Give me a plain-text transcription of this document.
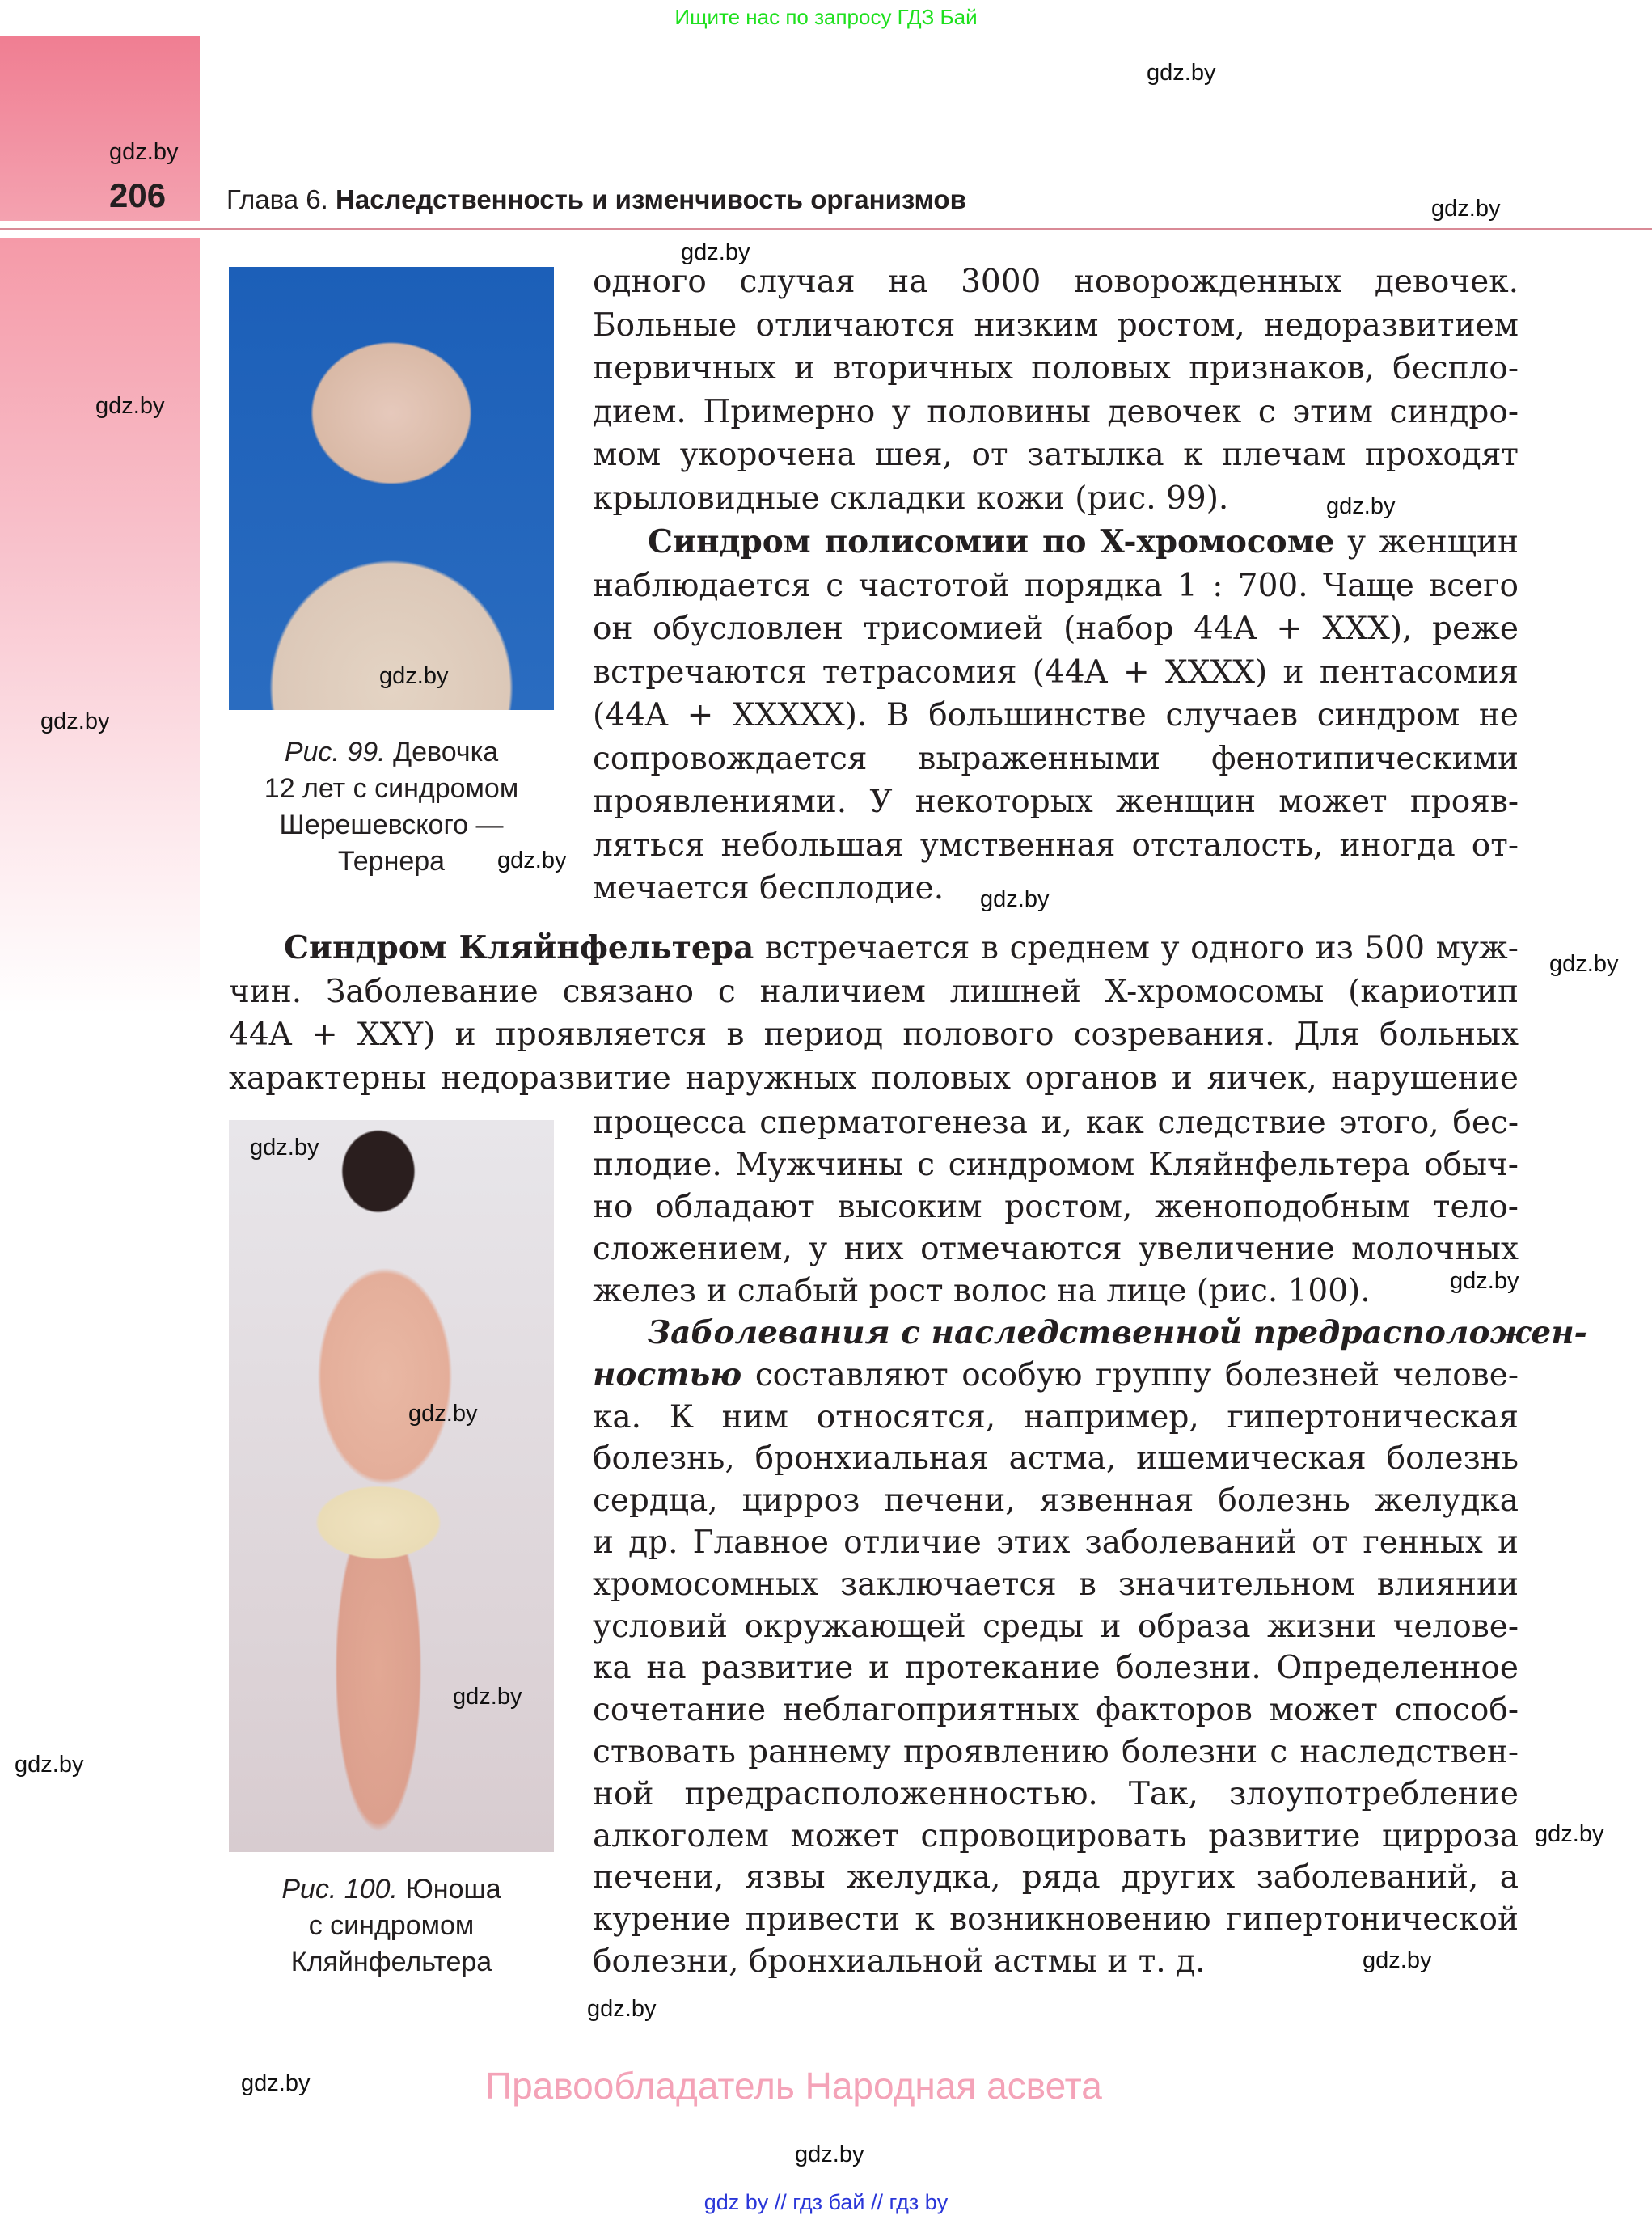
Ищите нас по запросу ГДЗ Бай
206 Глава 6. Наследственность и изменчивость организмов
gdz.by
gdz.by
gdz.by
gdz.by
gdz.by
gdz.by
gdz.by
gdz.by
gdz.by
gdz.by
gdz.by
gdz.by
gdz.by
gdz.by
gdz.by
gdz.by
gdz.by
gdz.by
Рис. 99. Девочка
12 лет с синдромом
Шерешевского —
Тернера
gdz.by
gdz.by
gdz.by
Рис. 100. Юноша
с синдромом
Кляйнфельтера
одного случая на 3000 новорожденных девочек.
Больные отличаются низким ростом, недоразвитием
первичных и вторичных половых признаков, беспло-
дием. Примерно у половины девочек с этим синдро-
мом укорочена шея, от затылка к плечам проходят
крыловидные складки кожи (рис. 99).
Синдром полисомии по X-хромосоме у женщин
наблюдается с частотой порядка 1 : 700. Чаще всего
он обусловлен трисомией (набор 44A + XXX), реже
встречаются тетрасомия (44A + XXXX) и пентасомия
(44A + XXXXX). В большинстве случаев синдром не
сопровождается выраженными фенотипическими
проявлениями. У некоторых женщин может прояв-
ляться небольшая умственная отсталость, иногда от-
мечается бесплодие.
Синдром Кляйнфельтера встречается в среднем у одного из 500 муж-
чин. Заболевание связано с наличием лишней X-хромосомы (кариотип
44A + XXY) и проявляется в период полового созревания. Для больных
характерны недоразвитие наружных половых органов и яичек, нарушение
процесса сперматогенеза и, как следствие этого, бес-
плодие. Мужчины с синдромом Кляйнфельтера обыч-
но обладают высоким ростом, женоподобным тело-
сложением, у них отмечаются увеличение молочных
желез и слабый рост волос на лице (рис. 100).
Заболевания с наследственной предрасположен-
ностью составляют особую группу болезней челове-
ка. К ним относятся, например, гипертоническая
болезнь, бронхиальная астма, ишемическая болезнь
сердца, цирроз печени, язвенная болезнь желудка
и др. Главное отличие этих заболеваний от генных и
хромосомных заключается в значительном влиянии
условий окружающей среды и образа жизни челове-
ка на развитие и протекание болезни. Определенное
сочетание неблагоприятных факторов может способ-
ствовать раннему проявлению болезни с наследствен-
ной предрасположенностью. Так, злоупотребление
алкоголем может спровоцировать развитие цирроза
печени, язвы желудка, ряда других заболеваний, а
курение привести к возникновению гипертонической
болезни, бронхиальной астмы и т. д.
Правообладатель Народная асвета
gdz by // гдз бай // гдз by
